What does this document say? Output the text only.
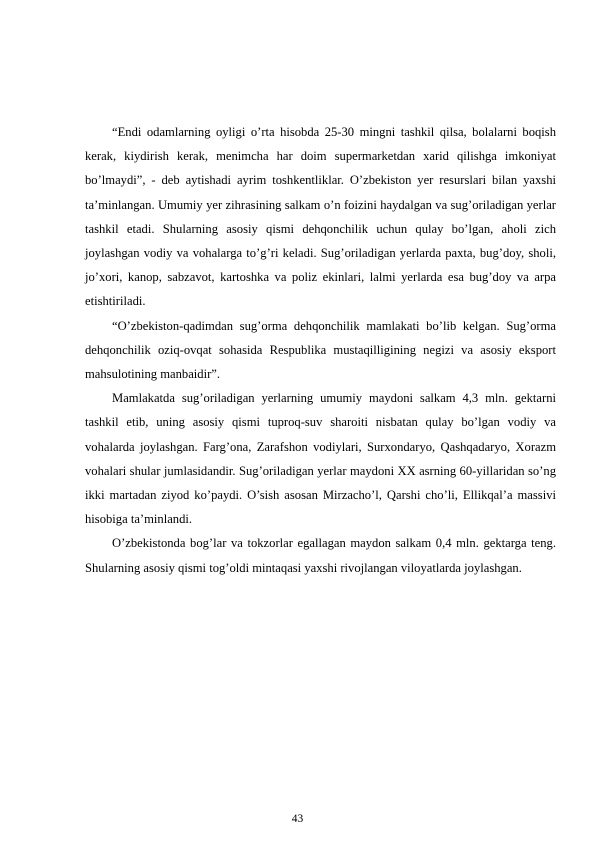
“Endi odamlarning oyligi o’rta hisobda 25-30 mingni tashkil qilsa, bolalarni boqish kerak, kiydirish kerak, menimcha har doim supermarketdan xarid qilishga imkoniyat bo’lmaydi”, - deb aytishadi ayrim toshkentliklar. O’zbekiston yer resurslari bilan yaxshi ta’minlangan. Umumiy yer zihrasining salkam o’n foizini haydalgan va sug’oriladigan yerlar tashkil etadi. Shularning asosiy qismi dehqonchilik uchun qulay bo’lgan, aholi zich joylashgan vodiy va vohalarga to’g’ri keladi. Sug’oriladigan yerlarda paxta, bug’doy, sholi, jo’xori, kanop, sabzavot, kartoshka va poliz ekinlari, lalmi yerlarda esa bug’doy va arpa etishtiriladi.

“O’zbekiston-qadimdan sug’orma dehqonchilik mamlakati bo’lib kelgan. Sug’orma dehqonchilik oziq-ovqat sohasida Respublika mustaqilligining negizi va asosiy eksport mahsulotining manbaidir”.

Mamlakatda sug’oriladigan yerlarning umumiy maydoni salkam 4,3 mln. gektarni tashkil etib, uning asosiy qismi tuproq-suv sharoiti nisbatan qulay bo’lgan vodiy va vohalarda joylashgan. Farg’ona, Zarafshon vodiylari, Surxondaryo, Qashqadaryo, Xorazm vohalari shular jumlasidandir. Sug’oriladigan yerlar maydoni XX asrning 60-yillaridan so’ng ikki martadan ziyod ko’paydi. O’sish asosan Mirzacho’l, Qarshi cho’li, Ellikqal’a massivi hisobiga ta’minlandi.

O’zbekistonda bog’lar va tokzorlar egallagan maydon salkam 0,4 mln. gektarga teng. Shularning asosiy qismi tog’oldi mintaqasi yaxshi rivojlangan viloyatlarda joylashgan.

43
